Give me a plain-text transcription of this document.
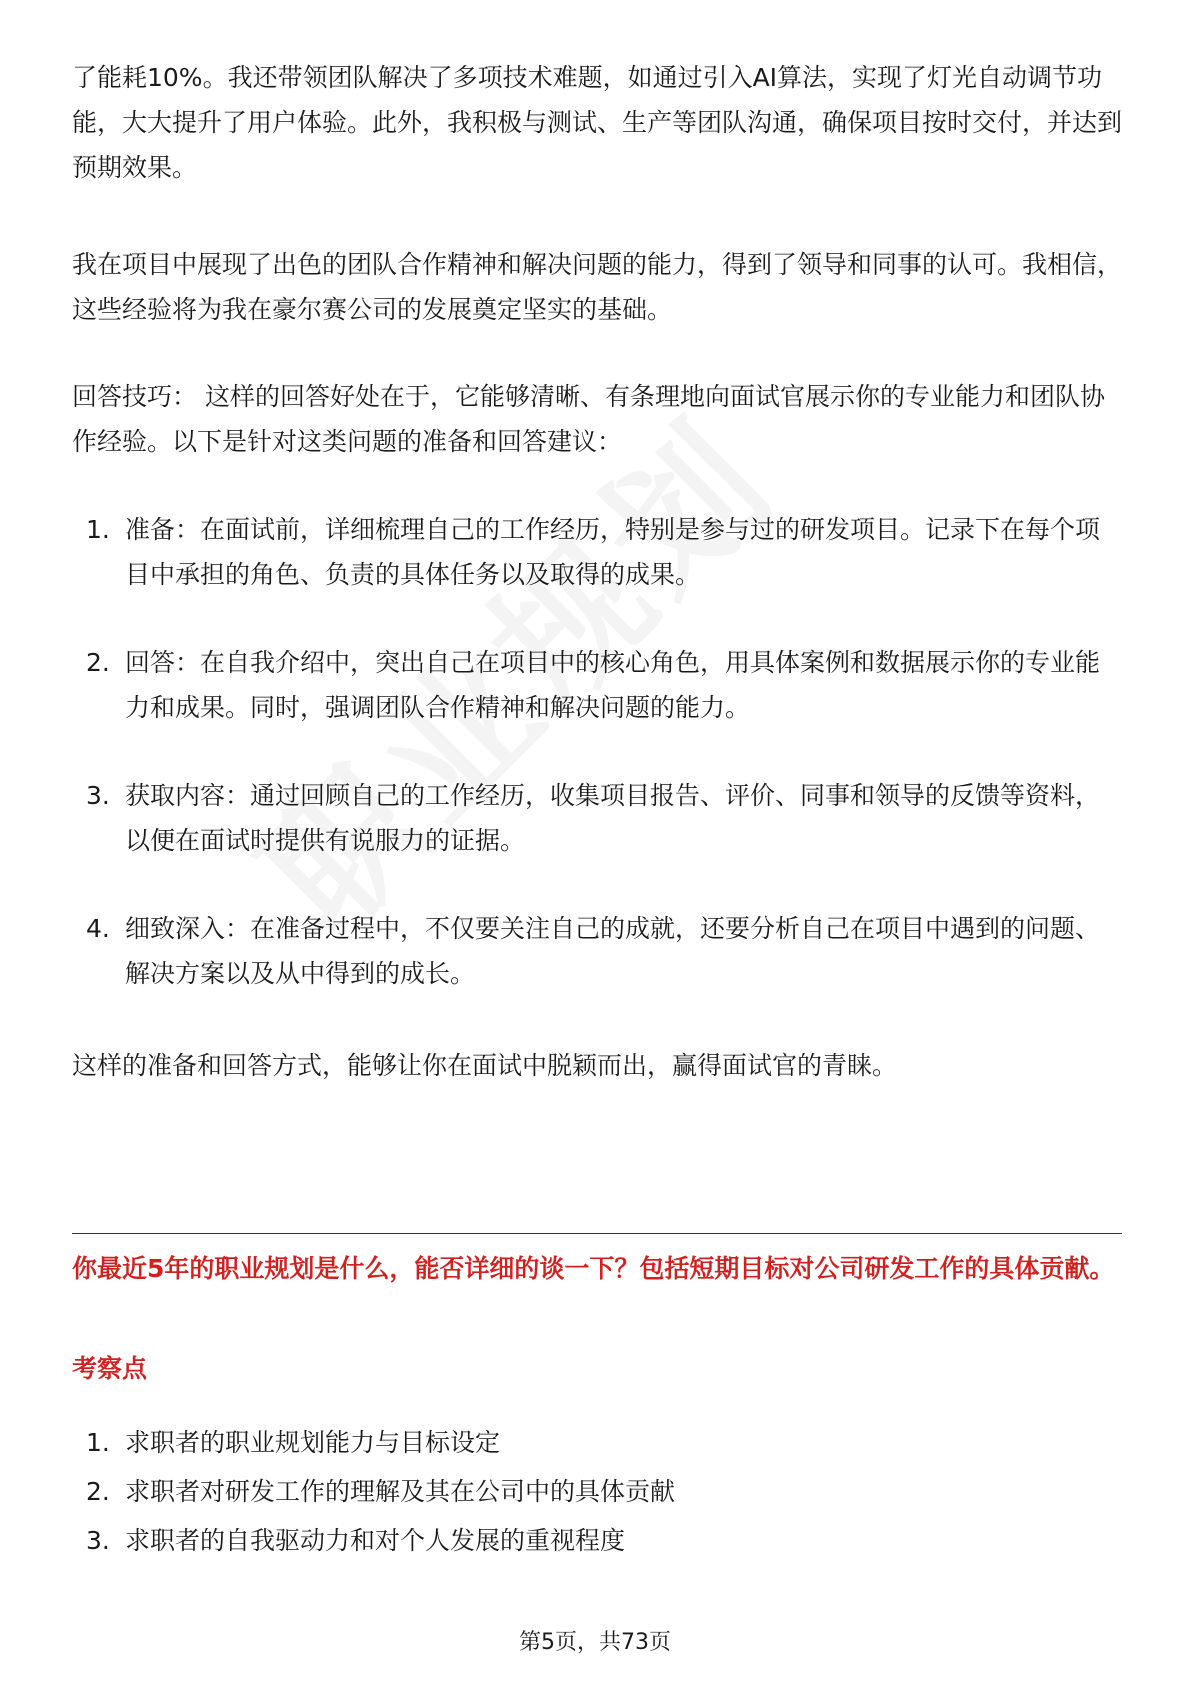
了能耗10%。我还带领团队解决了多项技术难题，如通过引入AI算法，实现了灯光自动调节功能，大大提升了用户体验。此外，我积极与测试、生产等团队沟通，确保项目按时交付，并达到预期效果。

我在项目中展现了出色的团队合作精神和解决问题的能力，得到了领导和同事的认可。我相信，这些经验将为我在豪尔赛公司的发展奠定坚实的基础。

回答技巧： 这样的回答好处在于，它能够清晰、有条理地向面试官展示你的专业能力和团队协作经验。以下是针对这类问题的准备和回答建议：

1. 准备：在面试前，详细梳理自己的工作经历，特别是参与过的研发项目。记录下在每个项目中承担的角色、负责的具体任务以及取得的成果。
2. 回答：在自我介绍中，突出自己在项目中的核心角色，用具体案例和数据展示你的专业能力和成果。同时，强调团队合作精神和解决问题的能力。
3. 获取内容：通过回顾自己的工作经历，收集项目报告、评价、同事和领导的反馈等资料，以便在面试时提供有说服力的证据。
4. 细致深入：在准备过程中，不仅要关注自己的成就，还要分析自己在项目中遇到的问题、解决方案以及从中得到的成长。

这样的准备和回答方式，能够让你在面试中脱颖而出，赢得面试官的青睐。

你最近5年的职业规划是什么，能否详细的谈一下？包括短期目标对公司研发工作的具体贡献。

考察点

1. 求职者的职业规划能力与目标设定
2. 求职者对研发工作的理解及其在公司中的具体贡献
3. 求职者的自我驱动力和对个人发展的重视程度
第5页，共73页
